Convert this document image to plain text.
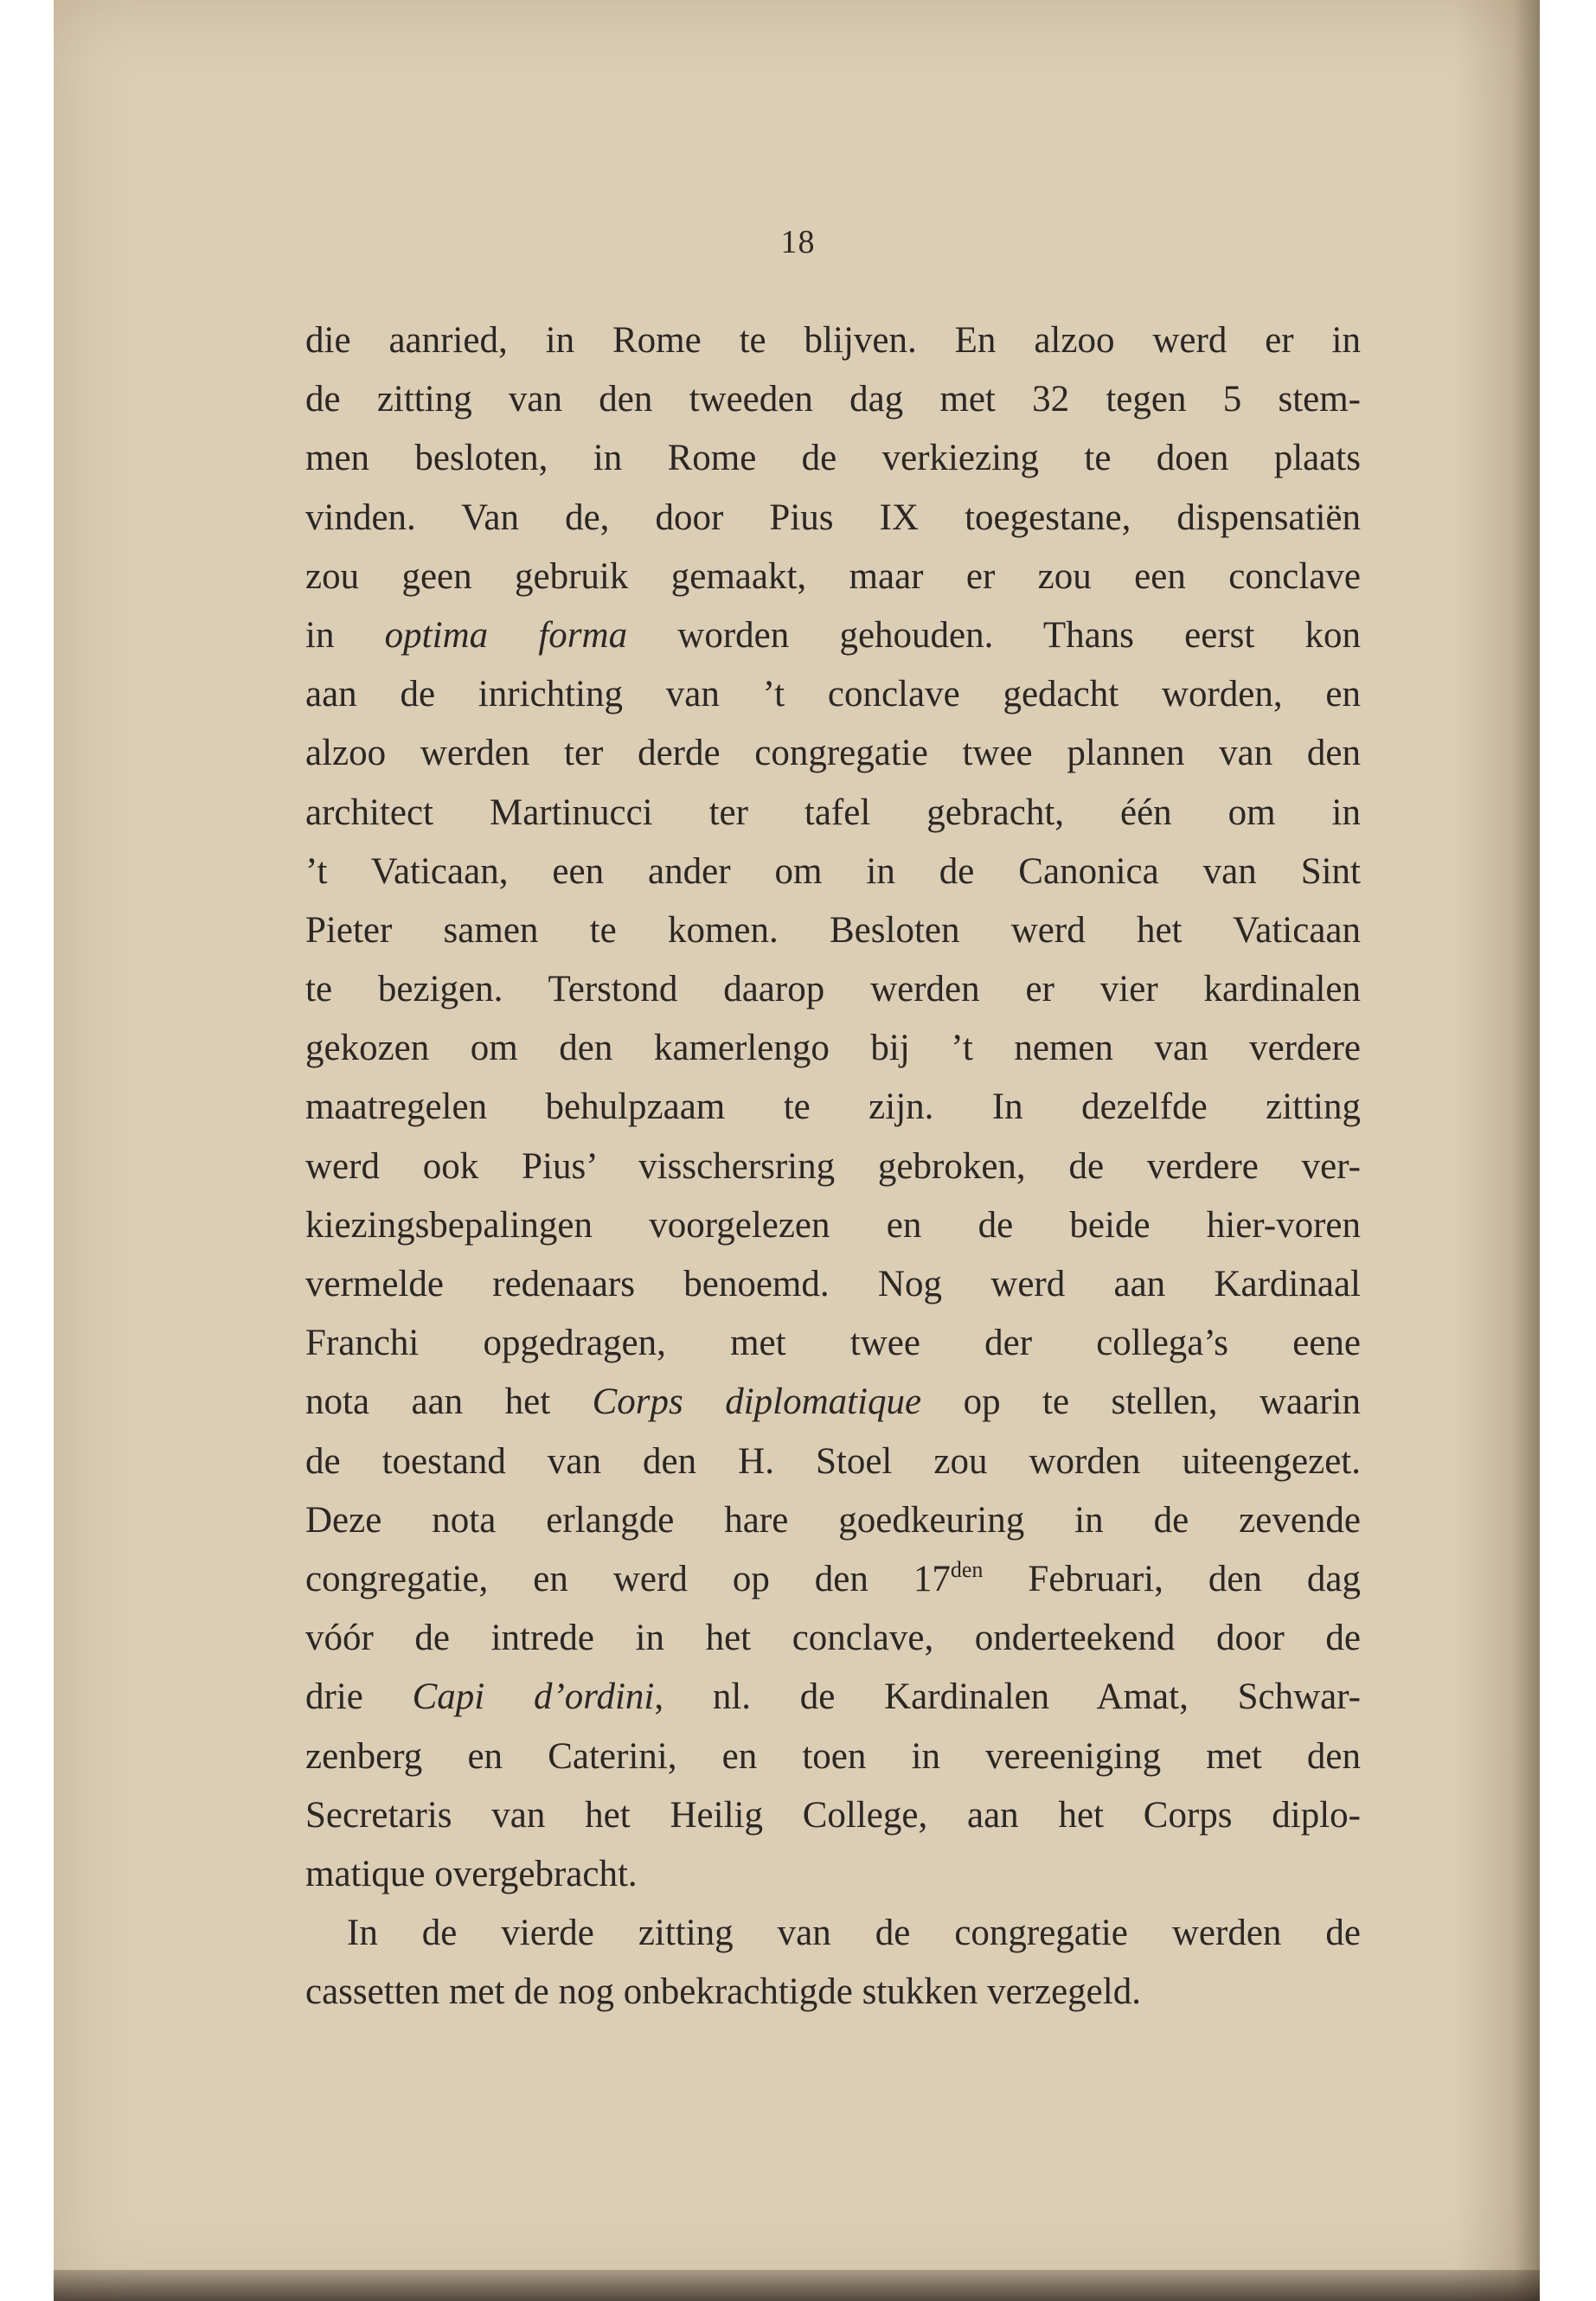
18
die aanried, in Rome te blijven. En alzoo werd er in
de zitting van den tweeden dag met 32 tegen 5 stem-
men besloten, in Rome de verkiezing te doen plaats
vinden. Van de, door Pius IX toegestane, dispensatiën
zou geen gebruik gemaakt, maar er zou een conclave
in optima forma worden gehouden. Thans eerst kon
aan de inrichting van ’t conclave gedacht worden, en
alzoo werden ter derde congregatie twee plannen van den
architect Martinucci ter tafel gebracht, één om in
’t Vaticaan, een ander om in de Canonica van Sint
Pieter samen te komen. Besloten werd het Vaticaan
te bezigen. Terstond daarop werden er vier kardinalen
gekozen om den kamerlengo bij ’t nemen van verdere
maatregelen behulpzaam te zijn. In dezelfde zitting
werd ook Pius’ visschersring gebroken, de verdere ver-
kiezingsbepalingen voorgelezen en de beide hier-voren
vermelde redenaars benoemd. Nog werd aan Kardinaal
Franchi opgedragen, met twee der collega’s eene
nota aan het Corps diplomatique op te stellen, waarin
de toestand van den H. Stoel zou worden uiteengezet.
Deze nota erlangde hare goedkeuring in de zevende
congregatie, en werd op den $17^{den}$ Februari, den dag
vóór de intrede in het conclave, onderteekend door de
drie Capi d’ordini, nl. de Kardinalen Amat, Schwar-
zenberg en Caterini, en toen in vereeniging met den
Secretaris van het Heilig College, aan het Corps diplo-
matique overgebracht.
In de vierde zitting van de congregatie werden de
cassetten met de nog onbekrachtigde stukken verzegeld.
